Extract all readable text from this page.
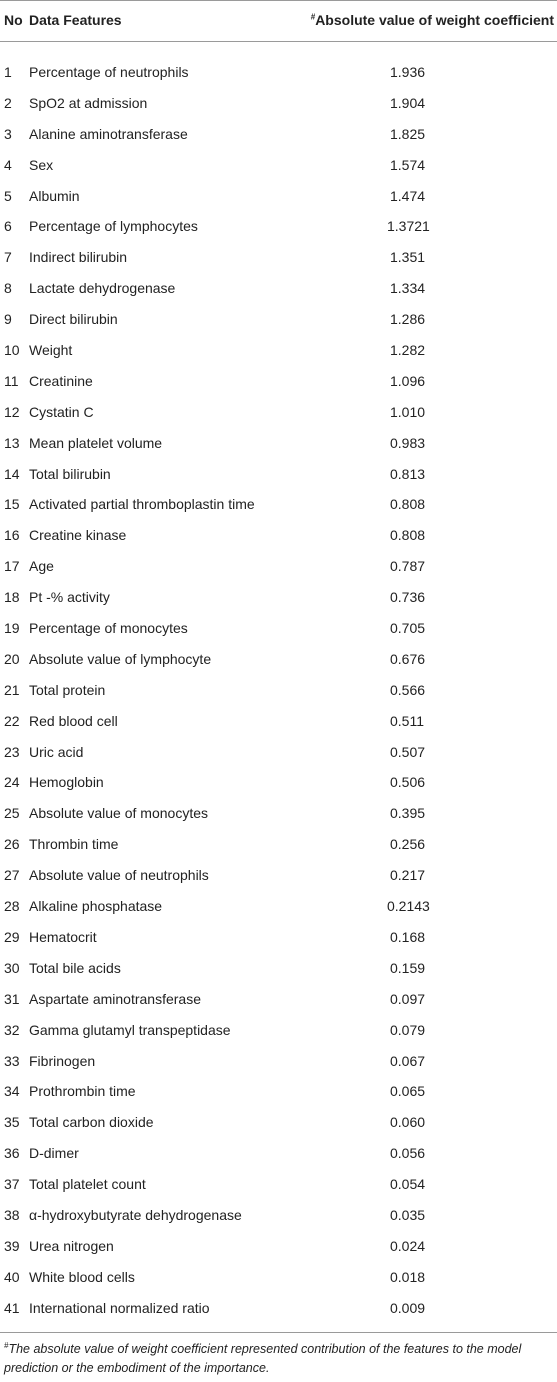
No Data Features	#Absolute value of weight coefficient
1 Percentage of neutrophils	1.936
2 SpO2 at admission	1.904
3 Alanine aminotransferase	1.825
4 Sex	1.574
5 Albumin	1.474
6 Percentage of lymphocytes	1.3721
7 Indirect bilirubin	1.351
8 Lactate dehydrogenase	1.334
9 Direct bilirubin	1.286
10 Weight	1.282
11 Creatinine	1.096
12 Cystatin C	1.010
13 Mean platelet volume	0.983
14 Total bilirubin	0.813
15 Activated partial thromboplastin time	0.808
16 Creatine kinase	0.808
17 Age	0.787
18 Pt -% activity	0.736
19 Percentage of monocytes	0.705
20 Absolute value of lymphocyte	0.676
21 Total protein	0.566
22 Red blood cell	0.511
23 Uric acid	0.507
24 Hemoglobin	0.506
25 Absolute value of monocytes	0.395
26 Thrombin time	0.256
27 Absolute value of neutrophils	0.217
28 Alkaline phosphatase	0.2143
29 Hematocrit	0.168
30 Total bile acids	0.159
31 Aspartate aminotransferase	0.097
32 Gamma glutamyl transpeptidase	0.079
33 Fibrinogen	0.067
34 Prothrombin time	0.065
35 Total carbon dioxide	0.060
36 D-dimer	0.056
37 Total platelet count	0.054
38 α-hydroxybutyrate dehydrogenase	0.035
39 Urea nitrogen	0.024
40 White blood cells	0.018
41 International normalized ratio	0.009
#The absolute value of weight coefficient represented contribution of the features to the model prediction or the embodiment of the importance.
